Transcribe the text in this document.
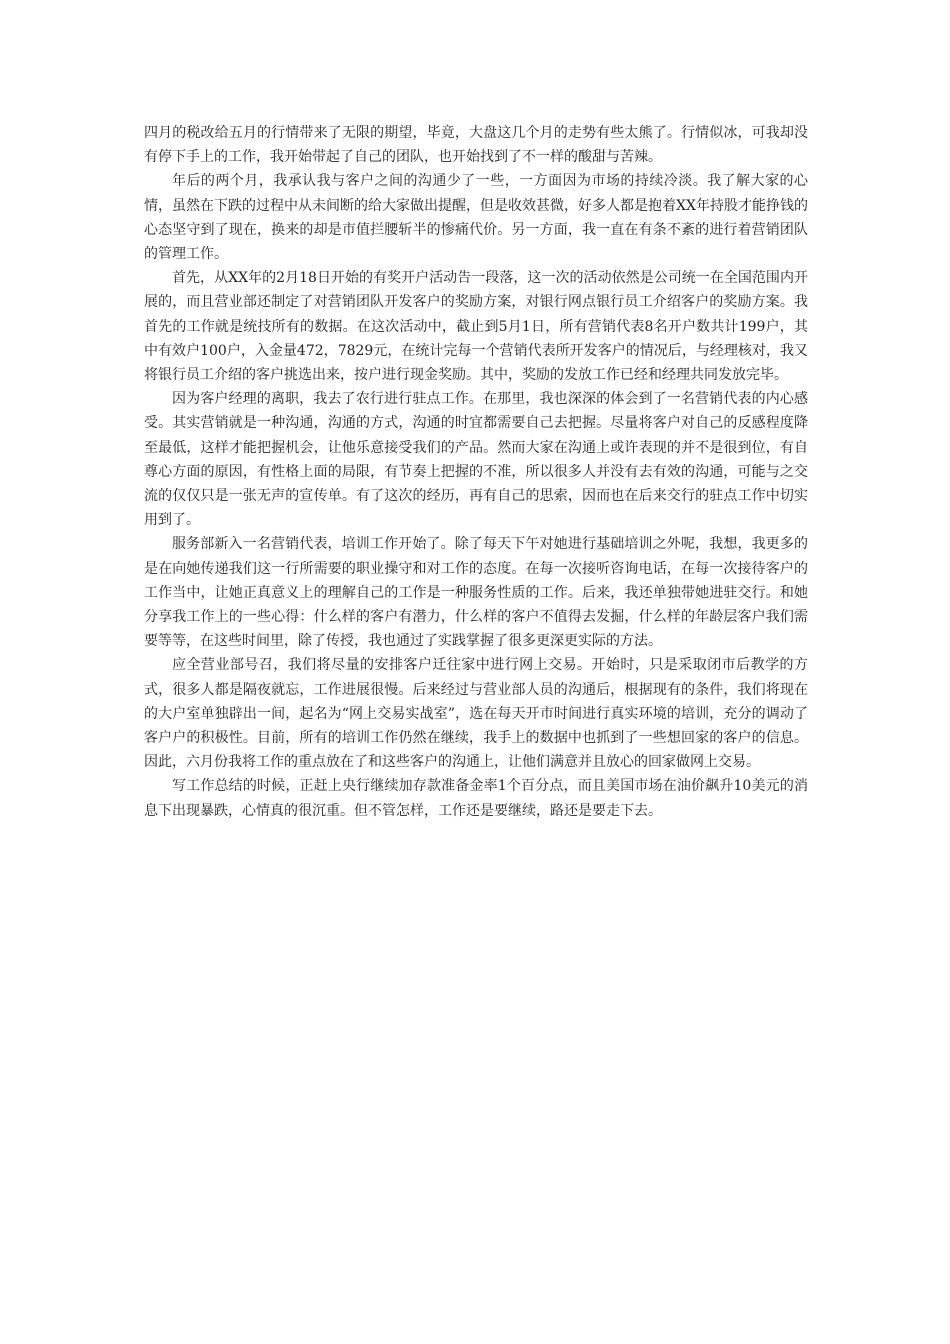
四月的税改给五月的行情带来了无限的期望，毕竟，大盘这几个月的走势有些太熊了。行情似冰，可我却没有停下手上的工作，我开始带起了自己的团队，也开始找到了不一样的酸甜与苦辣。

年后的两个月，我承认我与客户之间的沟通少了一些，一方面因为市场的持续冷淡。我了解大家的心情，虽然在下跌的过程中从未间断的给大家做出提醒，但是收效甚微，好多人都是抱着XX年持股才能挣钱的心态坚守到了现在，换来的却是市值拦腰斩半的惨痛代价。另一方面，我一直在有条不紊的进行着营销团队的管理工作。

首先，从XX年的2月18日开始的有奖开户活动告一段落，这一次的活动依然是公司统一在全国范围内开展的，而且营业部还制定了对营销团队开发客户的奖励方案，对银行网点银行员工介绍客户的奖励方案。我首先的工作就是统技所有的数据。在这次活动中，截止到5月1日，所有营销代表8名开户数共计199户，其中有效户100户，入金量472，7829元，在统计完每一个营销代表所开发客户的情况后，与经理核对，我又将银行员工介绍的客户挑选出来，按户进行现金奖励。其中，奖励的发放工作已经和经理共同发放完毕。

因为客户经理的离职，我去了农行进行驻点工作。在那里，我也深深的体会到了一名营销代表的内心感受。其实营销就是一种沟通，沟通的方式，沟通的时宜都需要自己去把握。尽量将客户对自己的反感程度降至最低，这样才能把握机会，让他乐意接受我们的产品。然而大家在沟通上或许表现的并不是很到位，有自尊心方面的原因，有性格上面的局限，有节奏上把握的不准，所以很多人并没有去有效的沟通，可能与之交流的仅仅只是一张无声的宣传单。有了这次的经历，再有自己的思索，因而也在后来交行的驻点工作中切实用到了。

服务部新入一名营销代表，培训工作开始了。除了每天下午对她进行基础培训之外呢，我想，我更多的是在向她传递我们这一行所需要的职业操守和对工作的态度。在每一次接听咨询电话，在每一次接待客户的工作当中，让她正真意义上的理解自己的工作是一种服务性质的工作。后来，我还单独带她进驻交行。和她分享我工作上的一些心得：什么样的客户有潜力，什么样的客户不值得去发掘，什么样的年龄层客户我们需要等等，在这些时间里，除了传授，我也通过了实践掌握了很多更深更实际的方法。

应全营业部号召，我们将尽量的安排客户迁往家中进行网上交易。开始时，只是采取闭市后教学的方式，很多人都是隔夜就忘，工作进展很慢。后来经过与营业部人员的沟通后，根据现有的条件，我们将现在的大户室单独辟出一间，起名为“网上交易实战室”，选在每天开市时间进行真实环境的培训，充分的调动了客户户的积极性。目前，所有的培训工作仍然在继续，我手上的数据中也抓到了一些想回家的客户的信息。因此，六月份我将工作的重点放在了和这些客户的沟通上，让他们满意并且放心的回家做网上交易。

写工作总结的时候，正赶上央行继续加存款准备金率1个百分点，而且美国市场在油价飙升10美元的消息下出现暴跌，心情真的很沉重。但不管怎样，工作还是要继续，路还是要走下去。
